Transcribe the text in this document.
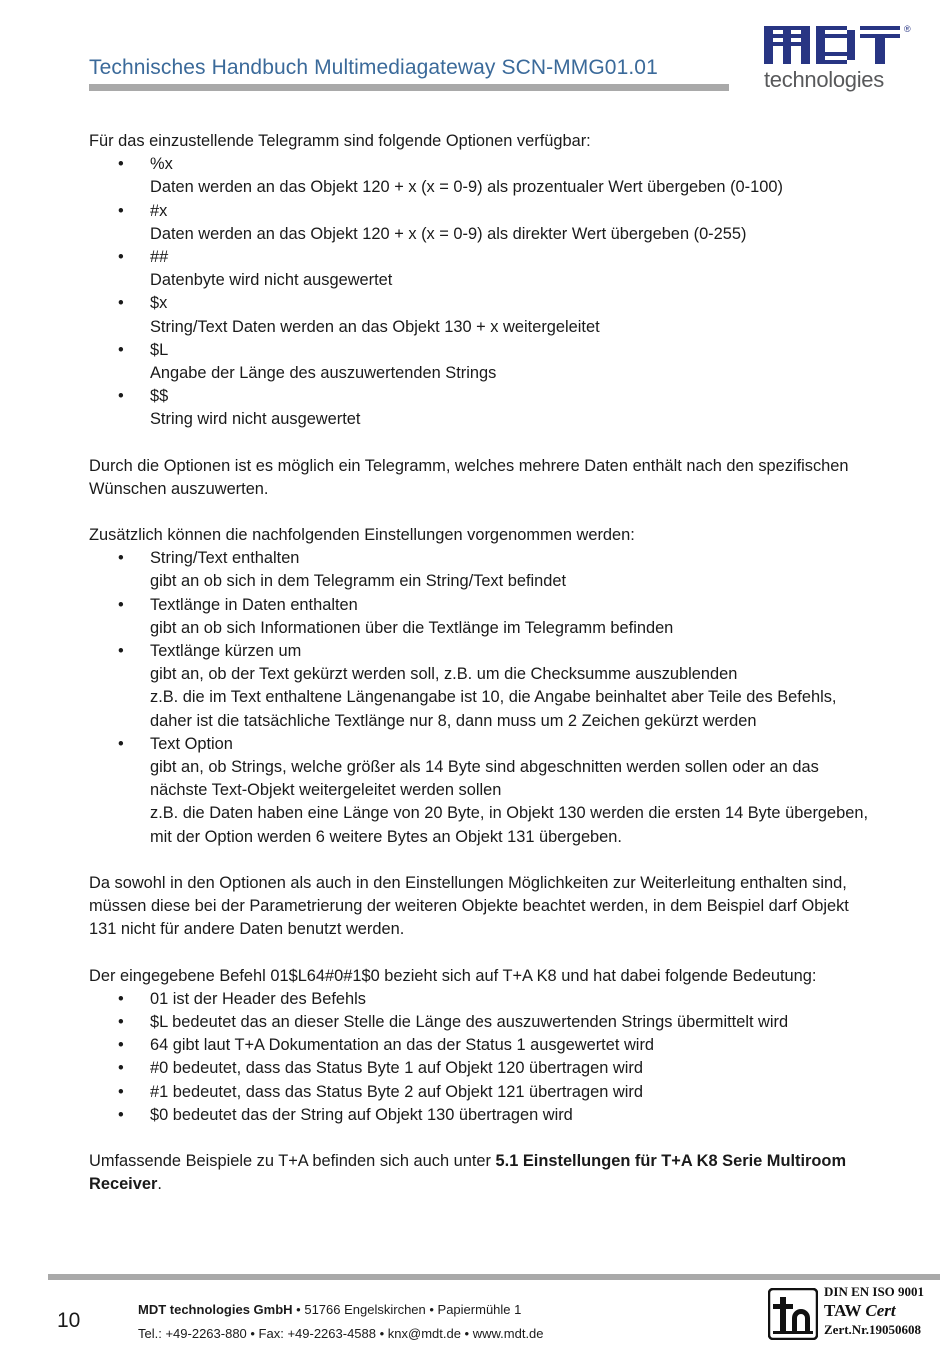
Technisches Handbuch Multimediagateway SCN-MMG01.01
®
technologies

Für das einzustellende Telegramm sind folgende Optionen verfügbar:

• %x
Daten werden an das Objekt 120 + x (x = 0-9) als prozentualer Wert übergeben (0-100)
• #x
Daten werden an das Objekt 120 + x (x = 0-9) als direkter Wert übergeben (0-255)
• ##
Datenbyte wird nicht ausgewertet
• $x
String/Text Daten werden an das Objekt 130 + x weitergeleitet
• $L
Angabe der Länge des auszuwertenden Strings
• $$
String wird nicht ausgewertet

Durch die Optionen ist es möglich ein Telegramm, welches mehrere Daten enthält nach den spezifischen Wünschen auszuwerten.

Zusätzlich können die nachfolgenden Einstellungen vorgenommen werden:

• String/Text enthalten
gibt an ob sich in dem Telegramm ein String/Text befindet
• Textlänge in Daten enthalten
gibt an ob sich Informationen über die Textlänge im Telegramm befinden
• Textlänge kürzen um
gibt an, ob der Text gekürzt werden soll, z.B. um die Checksumme auszublenden
z.B. die im Text enthaltene Längenangabe ist 10, die Angabe beinhaltet aber Teile des Befehls, daher ist die tatsächliche Textlänge nur 8, dann muss um 2 Zeichen gekürzt werden
• Text Option
gibt an, ob Strings, welche größer als 14 Byte sind abgeschnitten werden sollen oder an das nächste Text-Objekt weitergeleitet werden sollen
z.B. die Daten haben eine Länge von 20 Byte, in Objekt 130 werden die ersten 14 Byte übergeben, mit der Option werden 6 weitere Bytes an Objekt 131 übergeben.

Da sowohl in den Optionen als auch in den Einstellungen Möglichkeiten zur Weiterleitung enthalten sind, müssen diese bei der Parametrierung der weiteren Objekte beachtet werden, in dem Beispiel darf Objekt 131 nicht für andere Daten benutzt werden.

Der eingegebene Befehl 01$L64#0#1$0 bezieht sich auf T+A K8 und hat dabei folgende Bedeutung:

• 01 ist der Header des Befehls
• $L bedeutet das an dieser Stelle die Länge des auszuwertenden Strings übermittelt wird
• 64 gibt laut T+A Dokumentation an das der Status 1 ausgewertet wird
• #0 bedeutet, dass das Status Byte 1 auf Objekt 120 übertragen wird
• #1 bedeutet, dass das Status Byte 2 auf Objekt 121 übertragen wird
• $0 bedeutet das der String auf Objekt 130 übertragen wird

Umfassende Beispiele zu T+A befinden sich auch unter 5.1 Einstellungen für T+A K8 Serie Multiroom Receiver.

10	MDT technologies GmbH • 51766 Engelskirchen • Papiermühle 1
Tel.: +49-2263-880 • Fax: +49-2263-4588 • knx@mdt.de • www.mdt.de
DIN EN ISO 9001
TAW Cert
Zert.Nr.19050608
